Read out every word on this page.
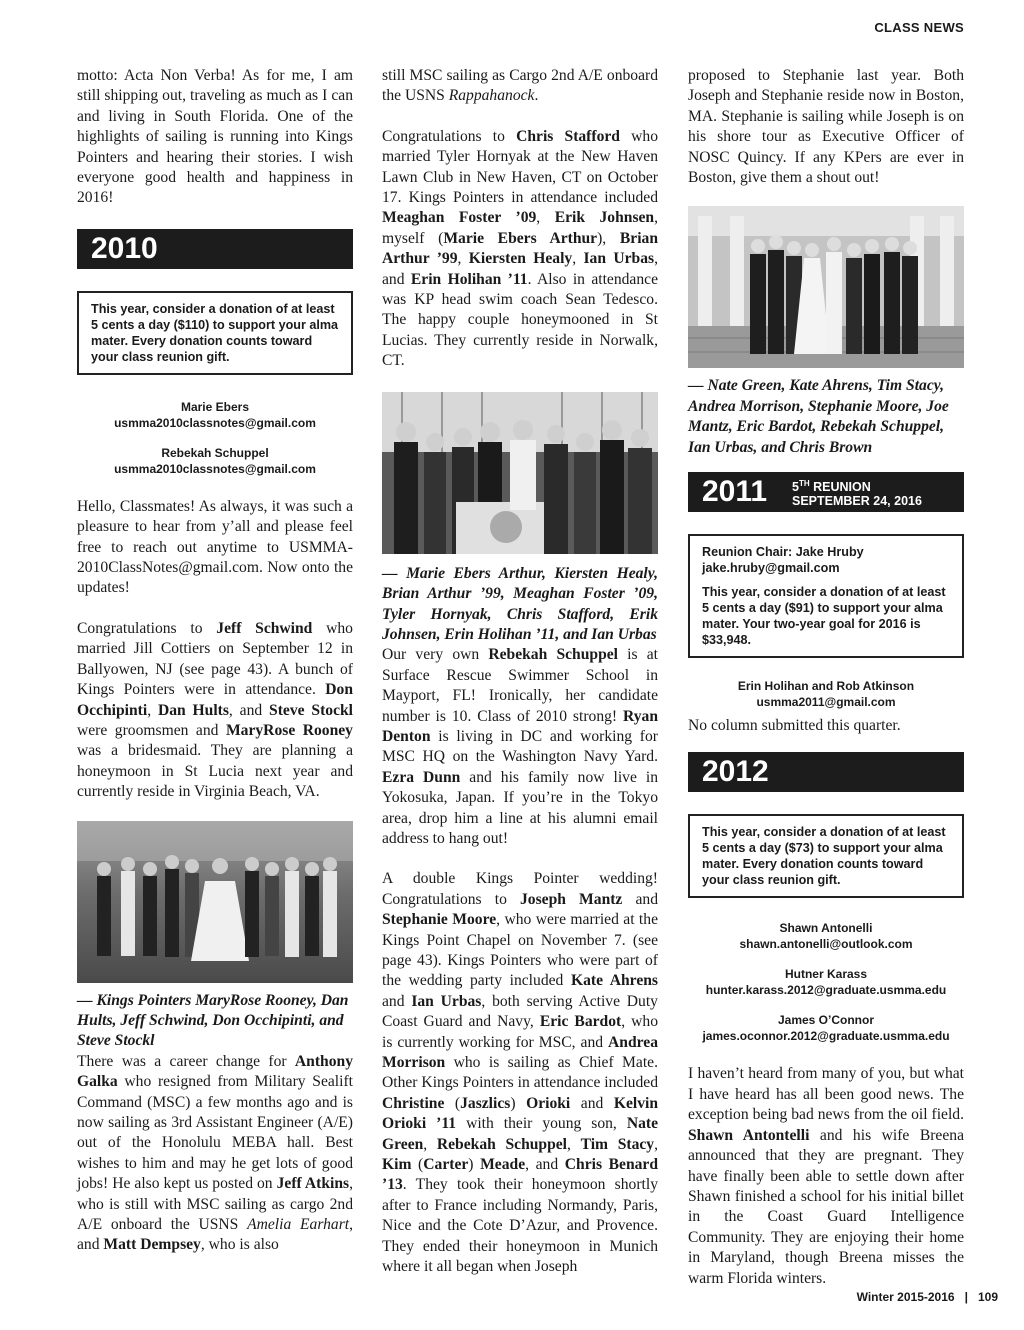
CLASS NEWS

motto: Acta Non Verba! As for me, I am still shipping out, traveling as much as I can and living in South Florida. One of the highlights of sailing is running into Kings Pointers and hearing their stories. I wish everyone good health and happiness in 2016!

2010
This year, consider a donation of at least 5 cents a day ($110) to support your alma mater. Every donation counts toward your class reunion gift.
Marie Ebers
usmma2010classnotes@gmail.com
Rebekah Schuppel
usmma2010classnotes@gmail.com

Hello, Classmates! As always, it was such a pleasure to hear from y’all and please feel free to reach out anytime to USMMA-2010ClassNotes@gmail.com. Now onto the updates!

Congratulations to Jeff Schwind who married Jill Cottiers on September 12 in Ballyowen, NJ (see page 43). A bunch of Kings Pointers were in attendance. Don Occhipinti, Dan Hults, and Steve Stockl were groomsmen and MaryRose Rooney was a bridesmaid. They are planning a honeymoon in St Lucia next year and currently reside in Virginia Beach, VA.

— Kings Pointers MaryRose Rooney, Dan Hults, Jeff Schwind, Don Occhipinti, and Steve Stockl

There was a career change for Anthony Galka who resigned from Military Sealift Command (MSC) a few months ago and is now sailing as 3rd Assistant Engineer (A/E) out of the Honolulu MEBA hall. Best wishes to him and may he get lots of good jobs! He also kept us posted on Jeff Atkins, who is still with MSC sailing as cargo 2nd A/E onboard the USNS Amelia Earhart, and Matt Dempsey, who is also

still MSC sailing as Cargo 2nd A/E onboard the USNS Rappahanock.

Congratulations to Chris Stafford who married Tyler Hornyak at the New Haven Lawn Club in New Haven, CT on October 17. Kings Pointers in attendance included Meaghan Foster ’09, Erik Johnsen, myself (Marie Ebers Arthur), Brian Arthur ’99, Kiersten Healy, Ian Urbas, and Erin Holihan ’11. Also in attendance was KP head swim coach Sean Tedesco. The happy couple honeymooned in St Lucias. They currently reside in Norwalk, CT.

— Marie Ebers Arthur, Kiersten Healy, Brian Arthur ’99, Meaghan Foster ’09, Tyler Hornyak, Chris Stafford, Erik Johnsen, Erin Holihan ’11, and Ian Urbas

Our very own Rebekah Schuppel is at Surface Rescue Swimmer School in Mayport, FL! Ironically, her candidate number is 10. Class of 2010 strong! Ryan Denton is living in DC and working for MSC HQ on the Washington Navy Yard. Ezra Dunn and his family now live in Yokosuka, Japan. If you’re in the Tokyo area, drop him a line at his alumni email address to hang out!

A double Kings Pointer wedding! Congratulations to Joseph Mantz and Stephanie Moore, who were married at the Kings Point Chapel on November 7. (see page 43). Kings Pointers who were part of the wedding party included Kate Ahrens and Ian Urbas, both serving Active Duty Coast Guard and Navy, Eric Bardot, who is currently working for MSC, and Andrea Morrison who is sailing as Chief Mate. Other Kings Pointers in attendance included Christine (Jaszlics) Orioki and Kelvin Orioki ’11 with their young son, Nate Green, Rebekah Schuppel, Tim Stacy, Kim (Carter) Meade, and Chris Benard ’13. They took their honeymoon shortly after to France including Normandy, Paris, Nice and the Cote D’Azur, and Provence. They ended their honeymoon in Munich where it all began when Joseph

proposed to Stephanie last year. Both Joseph and Stephanie reside now in Boston, MA. Stephanie is sailing while Joseph is on his shore tour as Executive Officer of NOSC Quincy. If any KPers are ever in Boston, give them a shout out!

— Nate Green, Kate Ahrens, Tim Stacy, Andrea Morrison, Stephanie Moore, Joe Mantz, Eric Bardot, Rebekah Schuppel, Ian Urbas, and Chris Brown

2011 5TH REUNION
SEPTEMBER 24, 2016
Reunion Chair: Jake Hruby
jake.hruby@gmail.com
This year, consider a donation of at least 5 cents a day ($91) to support your alma mater. Your two-year goal for 2016 is $33,948.
Erin Holihan and Rob Atkinson
usmma2011@gmail.com

No column submitted this quarter.

2012
This year, consider a donation of at least 5 cents a day ($73) to support your alma mater. Every donation counts toward your class reunion gift.
Shawn Antonelli
shawn.antonelli@outlook.com
Hutner Karass
hunter.karass.2012@graduate.usmma.edu
James O’Connor
james.oconnor.2012@graduate.usmma.edu

I haven’t heard from many of you, but what I have heard has all been good news. The exception being bad news from the oil field. Shawn Antontelli and his wife Breena announced that they are pregnant. They have finally been able to settle down after Shawn finished a school for his initial billet in the Coast Guard Intelligence Community. They are enjoying their home in Maryland, though Breena misses the warm Florida winters.

Winter 2015-2016 | 109
